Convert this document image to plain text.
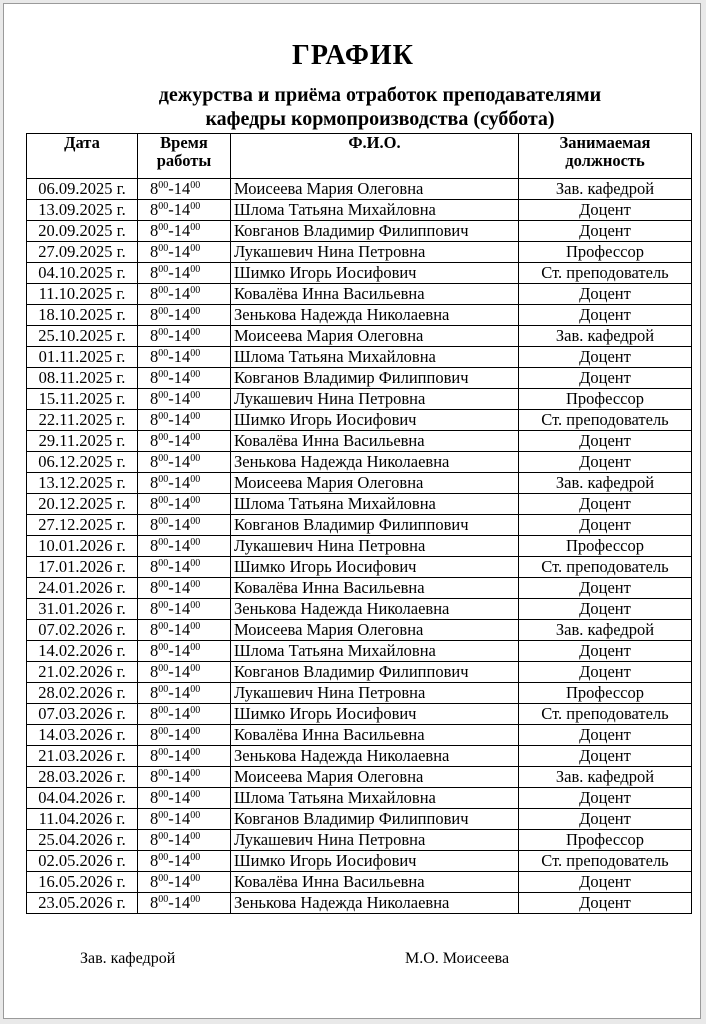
ГРАФИК
дежурства и приёма отработок преподавателями
кафедры кормопроизводства (суббота)
Дата	Время работы	Ф.И.О.	Занимаемая должность
06.09.2025 г.	$8^{00}-14^{00}$	Моисеева Мария Олеговна	Зав. кафедрой
13.09.2025 г.	$8^{00}-14^{00}$	Шлома Татьяна Михайловна	Доцент
20.09.2025 г.	$8^{00}-14^{00}$	Ковганов Владимир Филиппович	Доцент
27.09.2025 г.	$8^{00}-14^{00}$	Лукашевич Нина Петровна	Профессор
04.10.2025 г.	$8^{00}-14^{00}$	Шимко Игорь Иосифович	Ст. преподователь
11.10.2025 г.	$8^{00}-14^{00}$	Ковалёва Инна Васильевна	Доцент
18.10.2025 г.	$8^{00}-14^{00}$	Зенькова Надежда Николаевна	Доцент
25.10.2025 г.	$8^{00}-14^{00}$	Моисеева Мария Олеговна	Зав. кафедрой
01.11.2025 г.	$8^{00}-14^{00}$	Шлома Татьяна Михайловна	Доцент
08.11.2025 г.	$8^{00}-14^{00}$	Ковганов Владимир Филиппович	Доцент
15.11.2025 г.	$8^{00}-14^{00}$	Лукашевич Нина Петровна	Профессор
22.11.2025 г.	$8^{00}-14^{00}$	Шимко Игорь Иосифович	Ст. преподователь
29.11.2025 г.	$8^{00}-14^{00}$	Ковалёва Инна Васильевна	Доцент
06.12.2025 г.	$8^{00}-14^{00}$	Зенькова Надежда Николаевна	Доцент
13.12.2025 г.	$8^{00}-14^{00}$	Моисеева Мария Олеговна	Зав. кафедрой
20.12.2025 г.	$8^{00}-14^{00}$	Шлома Татьяна Михайловна	Доцент
27.12.2025 г.	$8^{00}-14^{00}$	Ковганов Владимир Филиппович	Доцент
10.01.2026 г.	$8^{00}-14^{00}$	Лукашевич Нина Петровна	Профессор
17.01.2026 г.	$8^{00}-14^{00}$	Шимко Игорь Иосифович	Ст. преподователь
24.01.2026 г.	$8^{00}-14^{00}$	Ковалёва Инна Васильевна	Доцент
31.01.2026 г.	$8^{00}-14^{00}$	Зенькова Надежда Николаевна	Доцент
07.02.2026 г.	$8^{00}-14^{00}$	Моисеева Мария Олеговна	Зав. кафедрой
14.02.2026 г.	$8^{00}-14^{00}$	Шлома Татьяна Михайловна	Доцент
21.02.2026 г.	$8^{00}-14^{00}$	Ковганов Владимир Филиппович	Доцент
28.02.2026 г.	$8^{00}-14^{00}$	Лукашевич Нина Петровна	Профессор
07.03.2026 г.	$8^{00}-14^{00}$	Шимко Игорь Иосифович	Ст. преподователь
14.03.2026 г.	$8^{00}-14^{00}$	Ковалёва Инна Васильевна	Доцент
21.03.2026 г.	$8^{00}-14^{00}$	Зенькова Надежда Николаевна	Доцент
28.03.2026 г.	$8^{00}-14^{00}$	Моисеева Мария Олеговна	Зав. кафедрой
04.04.2026 г.	$8^{00}-14^{00}$	Шлома Татьяна Михайловна	Доцент
11.04.2026 г.	$8^{00}-14^{00}$	Ковганов Владимир Филиппович	Доцент
25.04.2026 г.	$8^{00}-14^{00}$	Лукашевич Нина Петровна	Профессор
02.05.2026 г.	$8^{00}-14^{00}$	Шимко Игорь Иосифович	Ст. преподователь
16.05.2026 г.	$8^{00}-14^{00}$	Ковалёва Инна Васильевна	Доцент
23.05.2026 г.	$8^{00}-14^{00}$	Зенькова Надежда Николаевна	Доцент
Зав. кафедрой	М.О. Моисеева
